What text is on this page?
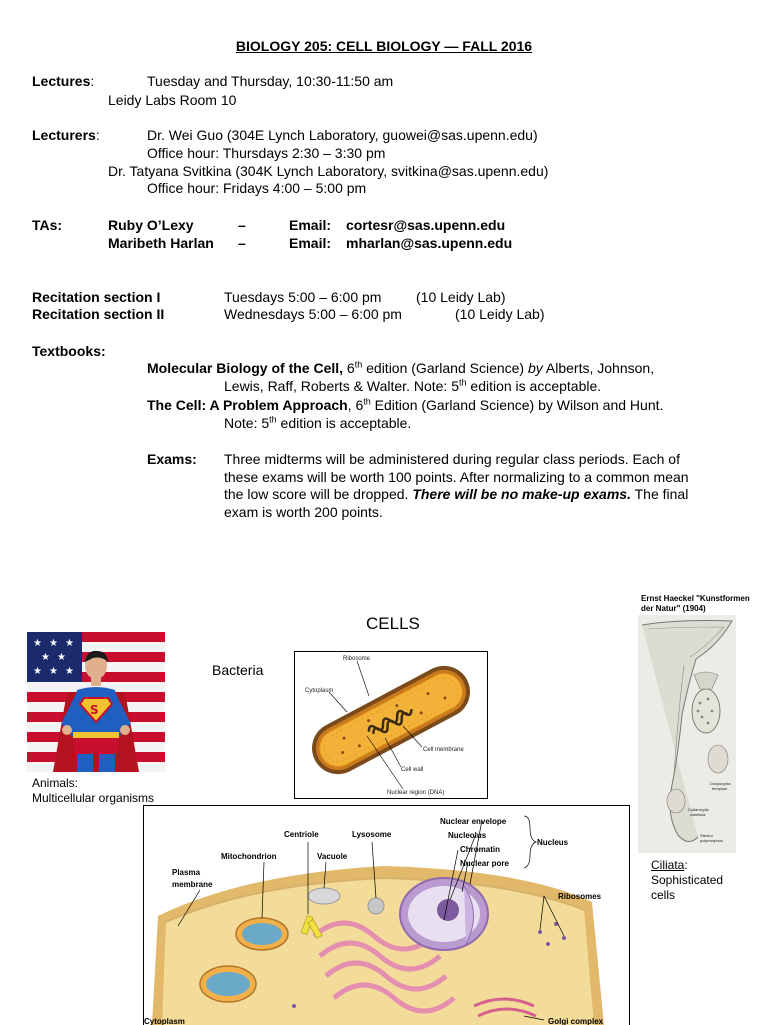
BIOLOGY 205: CELL BIOLOGY — FALL 2016
Lectures:	Tuesday and Thursday, 10:30-11:50 am
Leidy Labs Room 10
Lecturers:	Dr. Wei Guo (304E Lynch Laboratory, guowei@sas.upenn.edu)
Office hour: Thursdays 2:30 – 3:30 pm
Dr. Tatyana Svitkina (304K Lynch Laboratory, svitkina@sas.upenn.edu)
Office hour: Fridays 4:00 – 5:00 pm
TAs:	Ruby O’Lexy	–	Email: cortesr@sas.upenn.edu
Maribeth Harlan –	Email: mharlan@sas.upenn.edu
Recitation section I	Tuesdays 5:00 – 6:00 pm (10 Leidy Lab)
Recitation section II	Wednesdays 5:00 – 6:00 pm	(10 Leidy Lab)
Textbooks:
Molecular Biology of the Cell, 6th edition (Garland Science) by Alberts, Johnson,
Lewis, Raff, Roberts & Walter. Note: 5th edition is acceptable.
The Cell: A Problem Approach, 6th Edition (Garland Science) by Wilson and Hunt.
Note: 5th edition is acceptable.
Exams: Three midterms will be administered during regular class periods. Each of
these exams will be worth 100 points. After normalizing to a common mean
the low score will be dropped. There will be no make-up exams. The final
exam is worth 200 points.
CELLS
★ ★ ★
★ ★
★ ★ ★
S
Animals:
Multicellular organisms
Bacteria
Ribosome
Cytoplasm
Cell membrane
Cell wall
Nuclear region (DNA)
Ernst Haeckel "Kunstformen der Natur" (1904)
Dictyocysta
tempium
Cyttarocylis
cistellula
Stentor
polymorphus
Ciliata:
Sophisticated
cells
Centriole	Lysosome
Nuclear envelope
Nucleolus
Chromatin
Nuclear pore
Nucleus
Mitochondrion	Vacuole
Plasma
membrane
Ribosomes
Cytoplasm	Golgi complex
